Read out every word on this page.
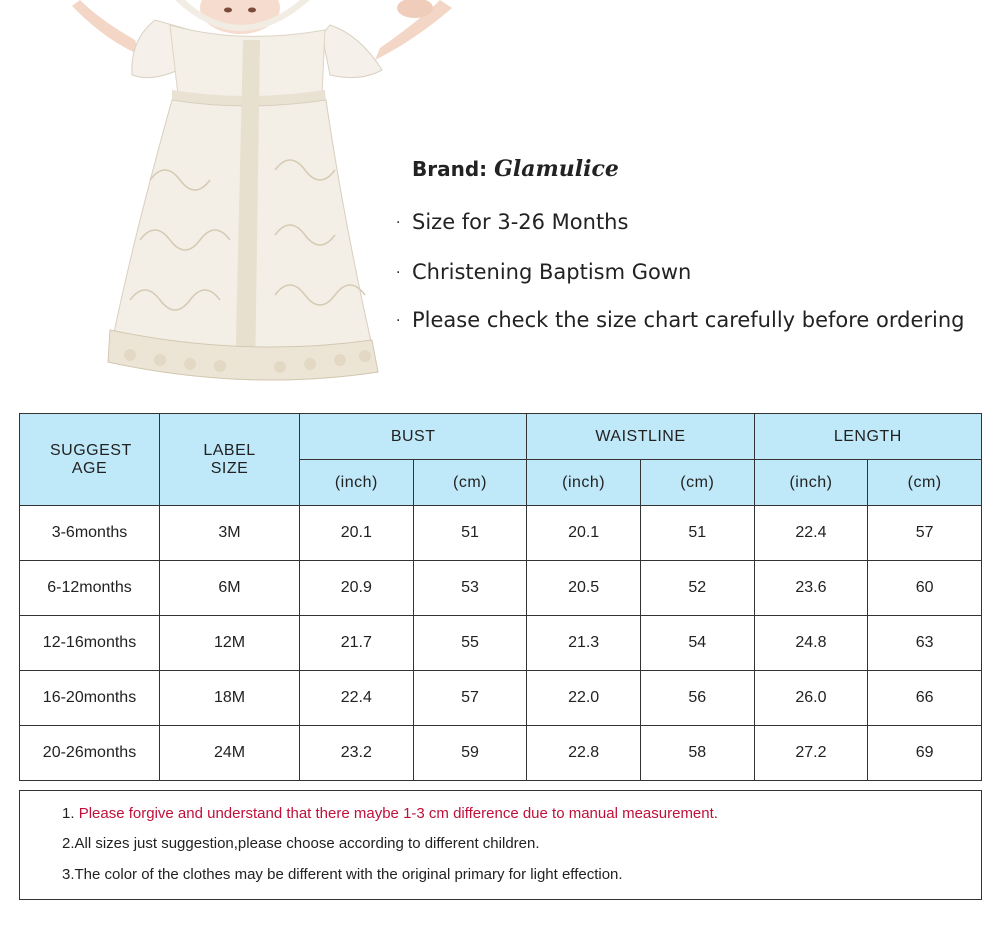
Brand: Glamulice
· Size for 3-26 Months
· Christening Baptism Gown
· Please check the size chart carefully before ordering
SUGGEST AGE	LABEL SIZE	BUST		WAISTLINE		LENGTH	
		(inch)	(cm)	(inch)	(cm)	(inch)	(cm)
3-6months	3M	20.1	51	20.1	51	22.4	57
6-12months	6M	20.9	53	20.5	52	23.6	60
12-16months	12M	21.7	55	21.3	54	24.8	63
16-20months	18M	22.4	57	22.0	56	26.0	66
20-26months	24M	23.2	59	22.8	58	27.2	69
1. Please forgive and understand that there maybe 1-3 cm difference due to manual measurement.
2.All sizes just suggestion,please choose according to different children.
3.The color of the clothes may be different with the original primary for light effection.
